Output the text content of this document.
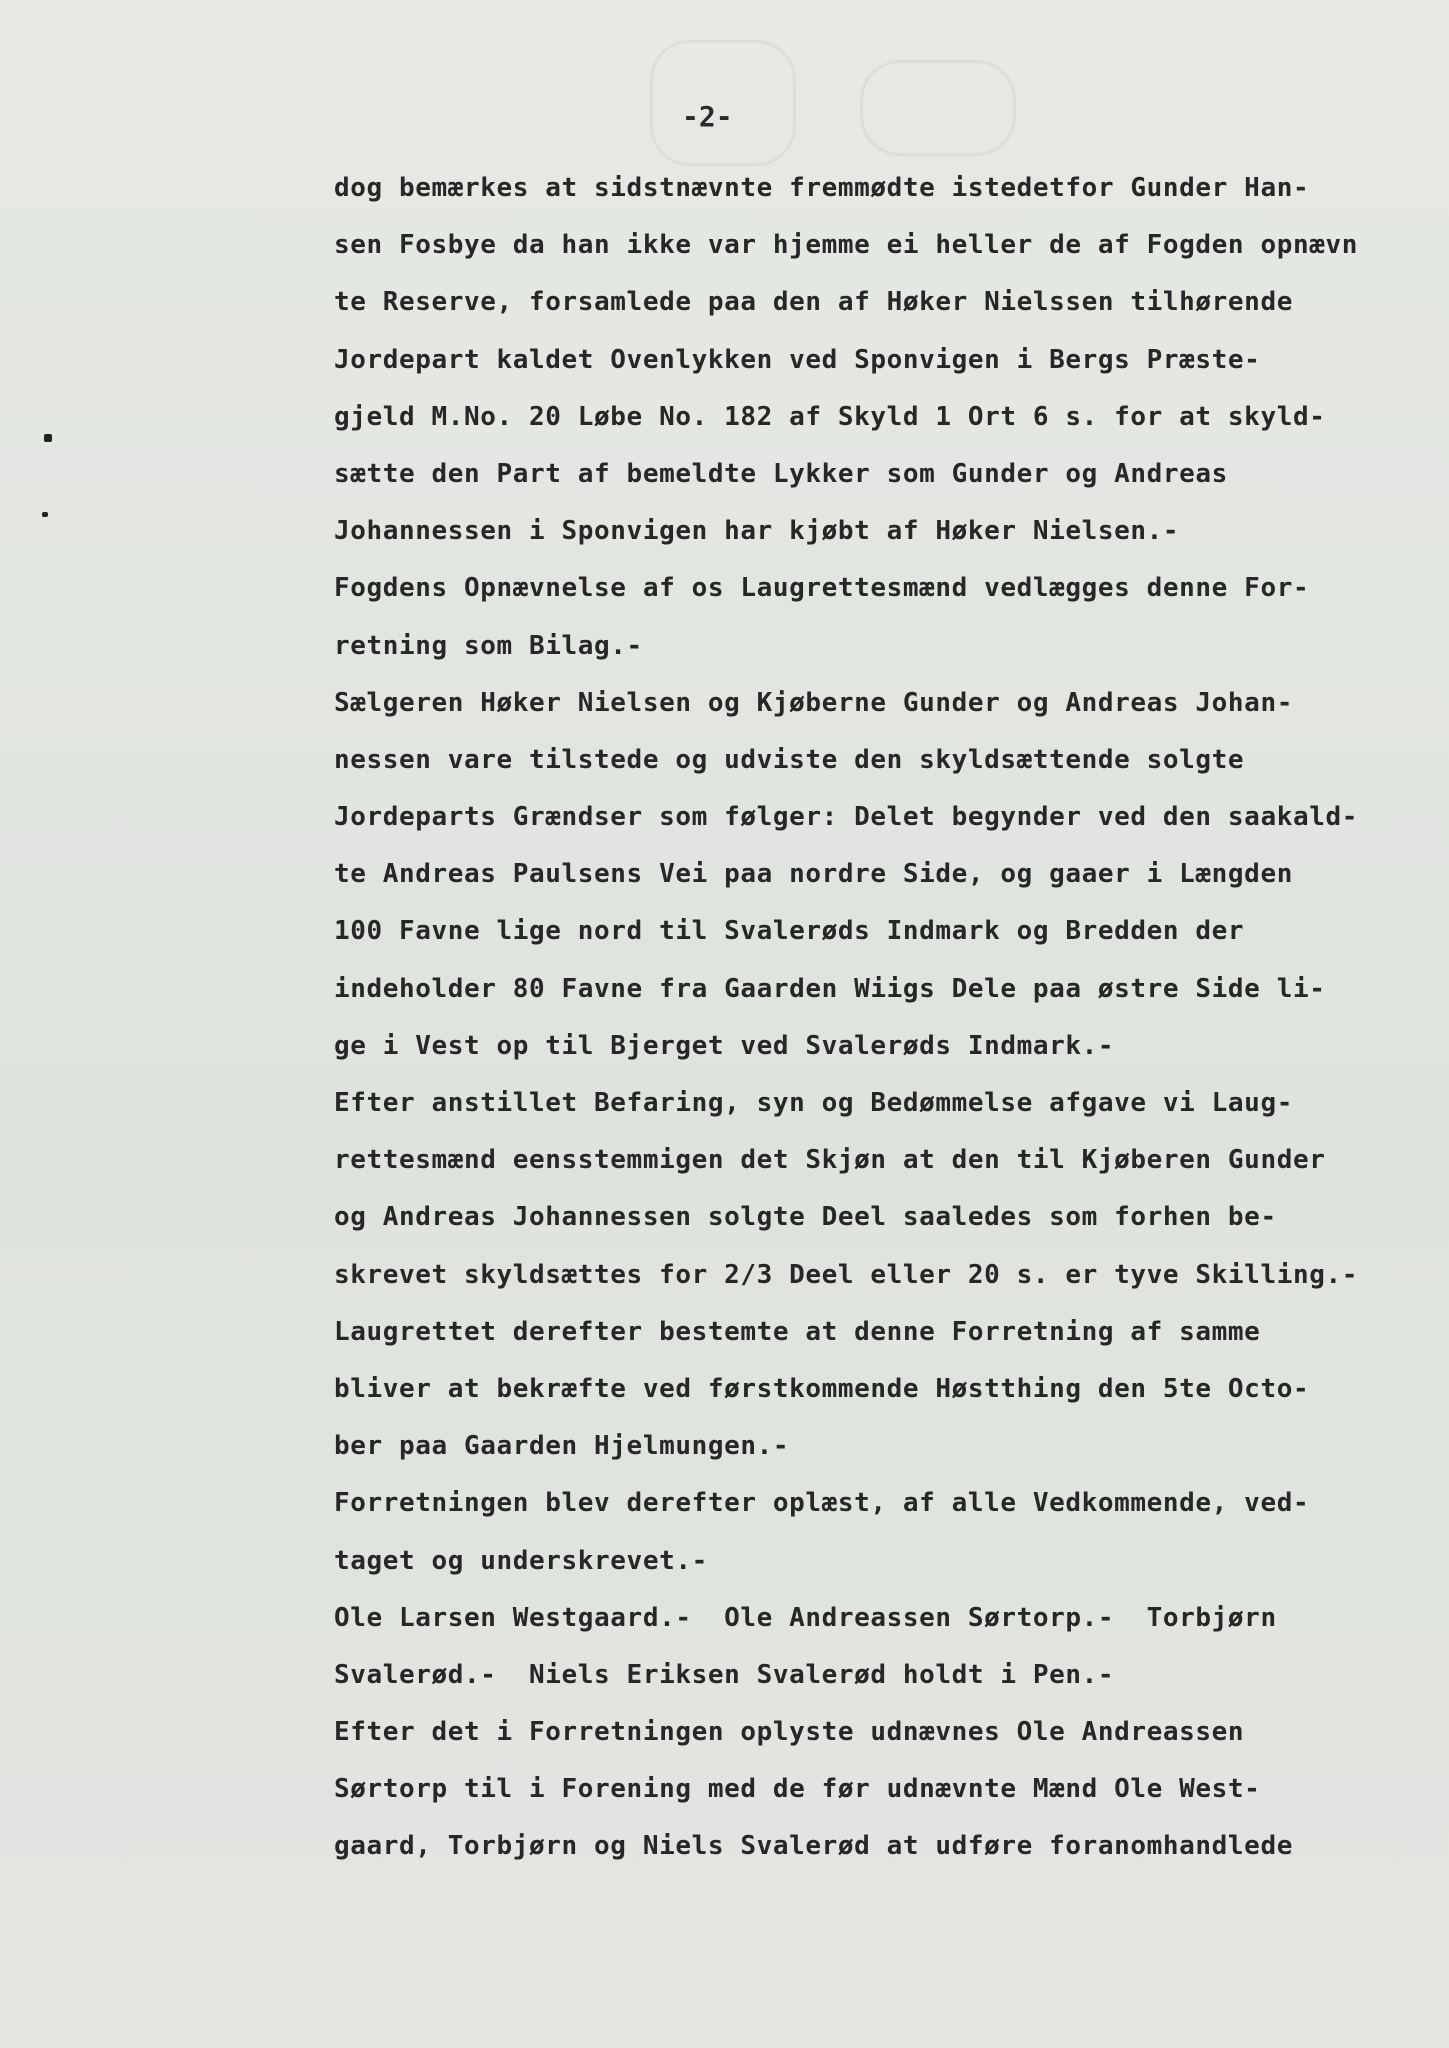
-2-
dog bemærkes at sidstnævnte fremmødte istedetfor Gunder Han-
sen Fosbye da han ikke var hjemme ei heller de af Fogden opnævn
te Reserve, forsamlede paa den af Høker Nielssen tilhørende
Jordepart kaldet Ovenlykken ved Sponvigen i Bergs Præste-
gjeld M.No. 20 Løbe No. 182 af Skyld 1 Ort 6 s. for at skyld-
sætte den Part af bemeldte Lykker som Gunder og Andreas
Johannessen i Sponvigen har kjøbt af Høker Nielsen.-
Fogdens Opnævnelse af os Laugrettesmænd vedlægges denne For-
retning som Bilag.-
Sælgeren Høker Nielsen og Kjøberne Gunder og Andreas Johan-
nessen vare tilstede og udviste den skyldsættende solgte
Jordeparts Grændser som følger: Delet begynder ved den saakald-
te Andreas Paulsens Vei paa nordre Side, og gaaer i Længden
100 Favne lige nord til Svalerøds Indmark og Bredden der
indeholder 80 Favne fra Gaarden Wiigs Dele paa østre Side li-
ge i Vest op til Bjerget ved Svalerøds Indmark.-
Efter anstillet Befaring, syn og Bedømmelse afgave vi Laug-
rettesmænd eensstemmigen det Skjøn at den til Kjøberen Gunder
og Andreas Johannessen solgte Deel saaledes som forhen be-
skrevet skyldsættes for 2/3 Deel eller 20 s. er tyve Skilling.-
Laugrettet derefter bestemte at denne Forretning af samme
bliver at bekræfte ved førstkommende Høstthing den 5te Octo-
ber paa Gaarden Hjelmungen.-
Forretningen blev derefter oplæst, af alle Vedkommende, ved-
taget og underskrevet.-
Ole Larsen Westgaard.-  Ole Andreassen Sørtorp.-  Torbjørn
Svalerød.-  Niels Eriksen Svalerød holdt i Pen.-
Efter det i Forretningen oplyste udnævnes Ole Andreassen
Sørtorp til i Forening med de før udnævnte Mænd Ole West-
gaard, Torbjørn og Niels Svalerød at udføre foranomhandlede
